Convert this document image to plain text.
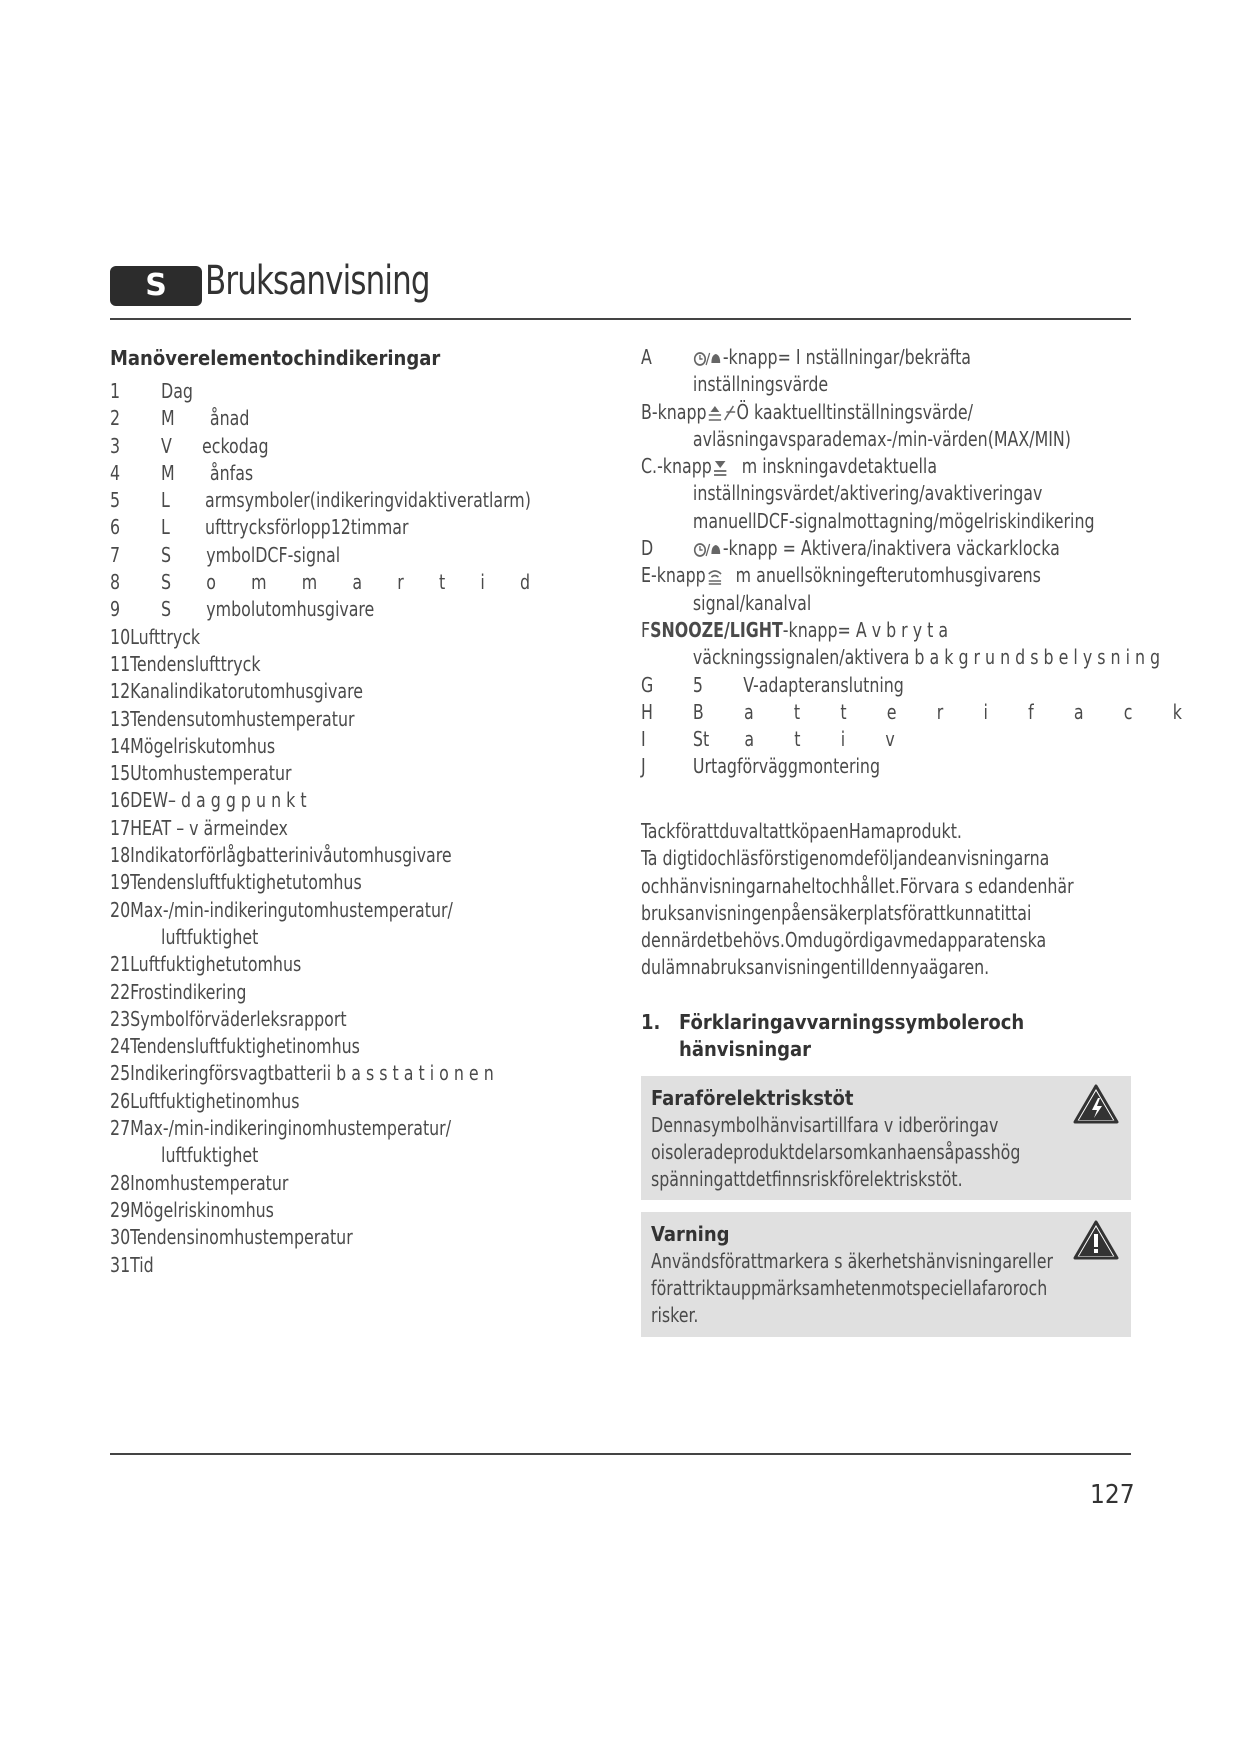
S Bruksanvisning
Manöverelementochindikeringar
1 Dag
2 M       ånad
3 V      eckodag
4 M       ånfas
5 L       armsymboler(indikeringvidaktiveratlarm)
6 L       ufttrycksförlopp12timmar
7 S       ymbolDCF-signal
8 S       o       m       m       a       r       t       i       d
9 S       ymbolutomhusgivare
10Lufttryck
11Tendenslufttryck
12Kanalindikatorutomhusgivare
13Tendensutomhustemperatur
14Mögelriskutomhus
15Utomhustemperatur
16DEW– d a g g p u n k t
17HEAT – v ärmeindex
18Indikatorförlågbatterinivåutomhusgivare
19Tendensluftfuktighetutomhus
20Max-/min-indikeringutomhustemperatur/
luftfuktighet
21Luftfuktighetutomhus
22Frostindikering
23Symbolförväderleksrapport
24Tendensluftfuktighetinomhus
25Indikeringförsvagtbatterii b a s s t a t i o n e n
26Luftfuktighetinomhus
27Max-/min-indikeringinomhustemperatur/
luftfuktighet
28Inomhustemperatur
29Mögelriskinomhus
30Tendensinomhustemperatur
31Tid
A	-knapp= I nställningar/bekräfta
inställningsvärde
B-knapp Ö kaaktuelltinställningsvärde/
avläsningavsparademax-/min-värden(MAX/MIN)
C.-knapp m inskningavdetaktuella
inställningsvärdet/aktivering/avaktiveringav
manuellDCF-signalmottagning/mögelriskindikering
D	-knapp = Aktivera/inaktivera väckarklocka
E-knapp m anuellsökningefterutomhusgivarens
signal/kanalval
FSNOOZE/LIGHT-knapp= A v b r y t a
väckningssignalen/aktivera b a k g r u n d s b e l y s n i n g
G 5        V-adapteranslutning
H B        a        t        t        e        r        i        f        a        c        k
I St       a        t        i        v
J Urtagförväggmontering
TackförattduvaltattköpaenHamaprodukt.
Ta digtidochläsförstigenomdeföljandeanvisningarna
ochhänvisningarnaheltochhållet.Förvara s edandenhär
bruksanvisningenpåensäkerplatsförattkunnatittai
dennärdetbehövs.Omdugördigavmedapparatenska
dulämnabruksanvisningentilldennyaägaren.
1. Förklaringavvarningssymboleroch
hänvisningar
Faraförelektriskstöt
Dennasymbolhänvisartillfara v idberöringav
oisoleradeproduktdelarsomkanhaensåpasshög
spänningattdetfinnsriskförelektriskstöt.
Varning
Användsförattmarkera s äkerhetshänvisningareller
förattriktauppmärksamhetenmotspeciellafaroroch
risker.
127
